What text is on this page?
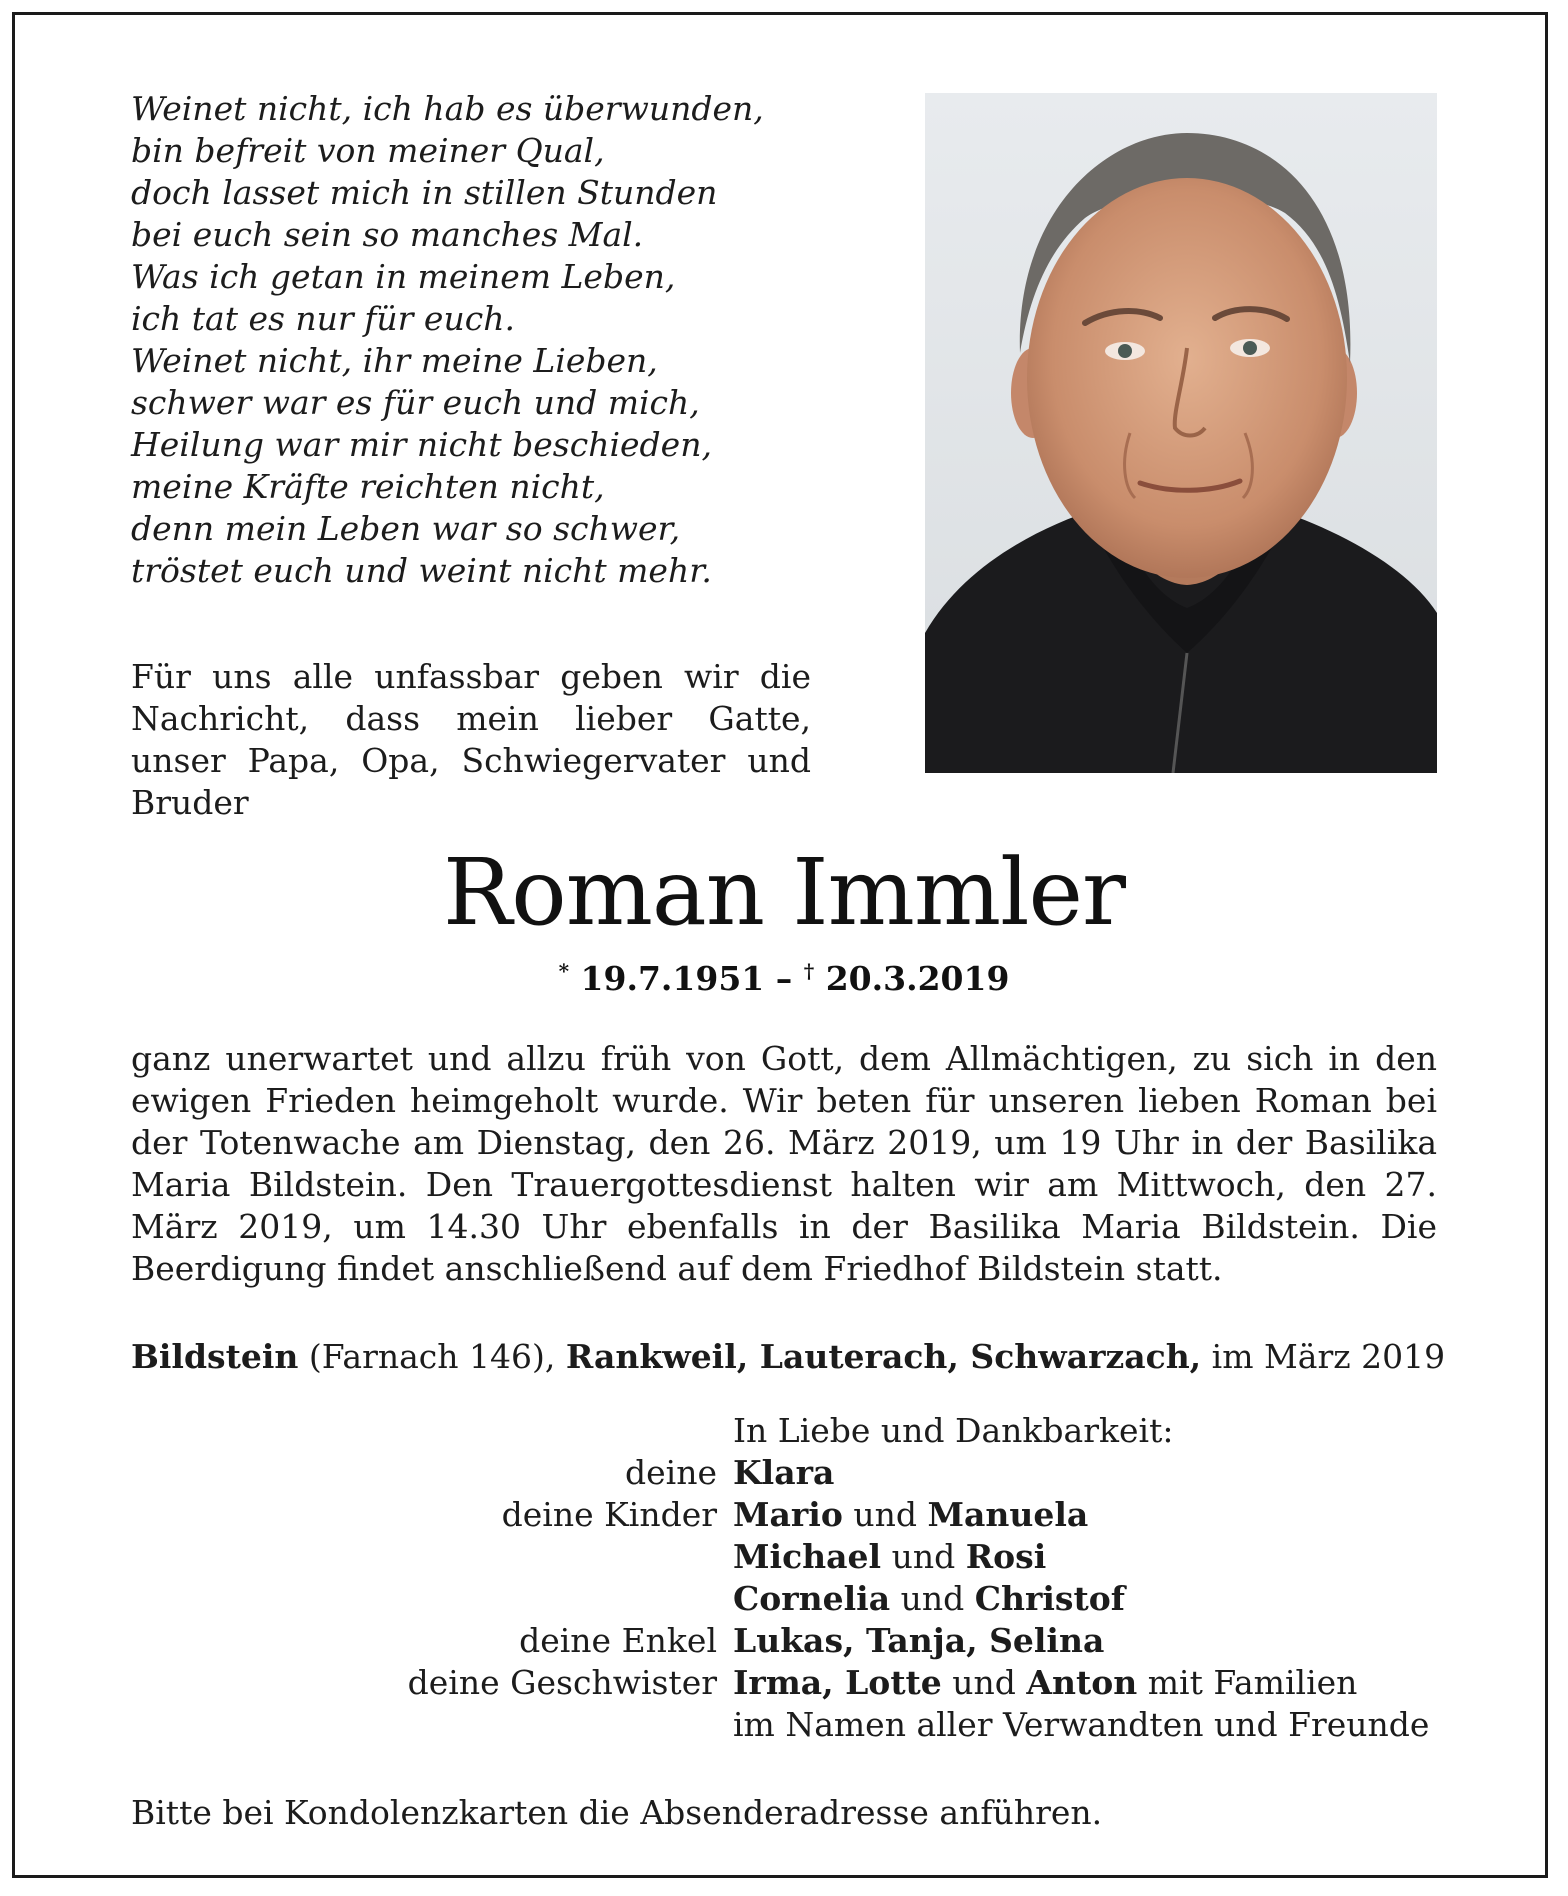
Weinet nicht, ich hab es überwunden,
bin befreit von meiner Qual,
doch lasset mich in stillen Stunden
bei euch sein so manches Mal.
Was ich getan in meinem Leben,
ich tat es nur für euch.
Weinet nicht, ihr meine Lieben,
schwer war es für euch und mich,
Heilung war mir nicht beschieden,
meine Kräfte reichten nicht,
denn mein Leben war so schwer,
tröstet euch und weint nicht mehr.
Für uns alle unfassbar geben wir die Nachricht, dass mein lieber Gatte, unser Papa, Opa, Schwiegervater und Bruder
Roman Immler
* 19.7.1951 – † 20.3.2019
ganz unerwartet und allzu früh von Gott, dem Allmächtigen, zu sich in den ewigen Frieden heimgeholt wurde. Wir beten für unseren lieben Roman bei der Totenwache am Dienstag, den 26. März 2019, um 19 Uhr in der Basilika Maria Bildstein. Den Trauergottesdienst halten wir am Mittwoch, den 27. März 2019, um 14.30 Uhr ebenfalls in der Basilika Maria Bildstein. Die Beerdigung findet anschließend auf dem Friedhof Bildstein statt.
Bildstein (Farnach 146), Rankweil, Lauterach, Schwarzach, im März 2019
In Liebe und Dankbarkeit:
deine Klara
deine Kinder Mario und Manuela
Michael und Rosi
Cornelia und Christof
deine Enkel Lukas, Tanja, Selina
deine Geschwister Irma, Lotte und Anton mit Familien
im Namen aller Verwandten und Freunde
Bitte bei Kondolenzkarten die Absenderadresse anführen.
